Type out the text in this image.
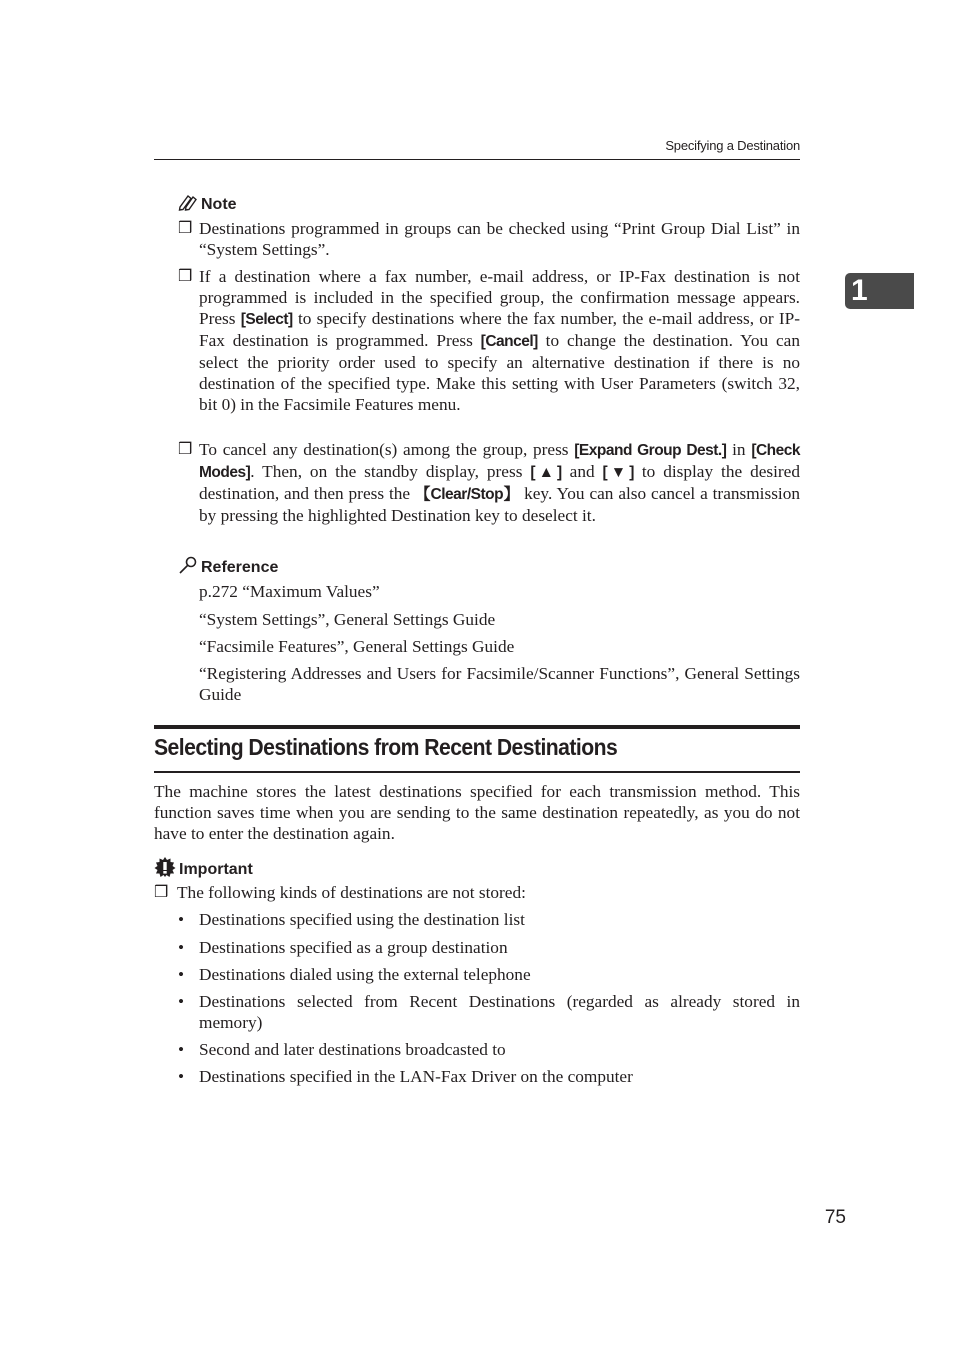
Specifying a Destination
1
Note
❒ Destinations programmed in groups can be checked using “Print Group Dial List” in “System Settings”.
❒ If a destination where a fax number, e-mail address, or IP-Fax destination is not programmed is included in the specified group, the confirmation message appears. Press [Select] to specify destinations where the fax number, the e-mail address, or IP-Fax destination is programmed. Press [Cancel] to change the destination. You can select the priority order used to specify an alternative destination if there is no destination of the specified type. Make this setting with User Parameters (switch 32, bit 0) in the Facsimile Features menu.
❒ To cancel any destination(s) among the group, press [Expand Group Dest.] in [Check Modes]. Then, on the standby display, press [▲] and [▼] to display the desired destination, and then press the 【Clear/Stop】 key. You can also cancel a transmission by pressing the highlighted Destination key to deselect it.
Reference
p.272 “Maximum Values”
“System Settings”, General Settings Guide
“Facsimile Features”, General Settings Guide
“Registering Addresses and Users for Facsimile/Scanner Functions”, General Settings Guide
Selecting Destinations from Recent Destinations
The machine stores the latest destinations specified for each transmission method. This function saves time when you are sending to the same destination repeatedly, as you do not have to enter the destination again.
Important
❒ The following kinds of destinations are not stored:
• Destinations specified using the destination list
• Destinations specified as a group destination
• Destinations dialed using the external telephone
• Destinations selected from Recent Destinations (regarded as already stored in memory)
• Second and later destinations broadcasted to
• Destinations specified in the LAN-Fax Driver on the computer
75
